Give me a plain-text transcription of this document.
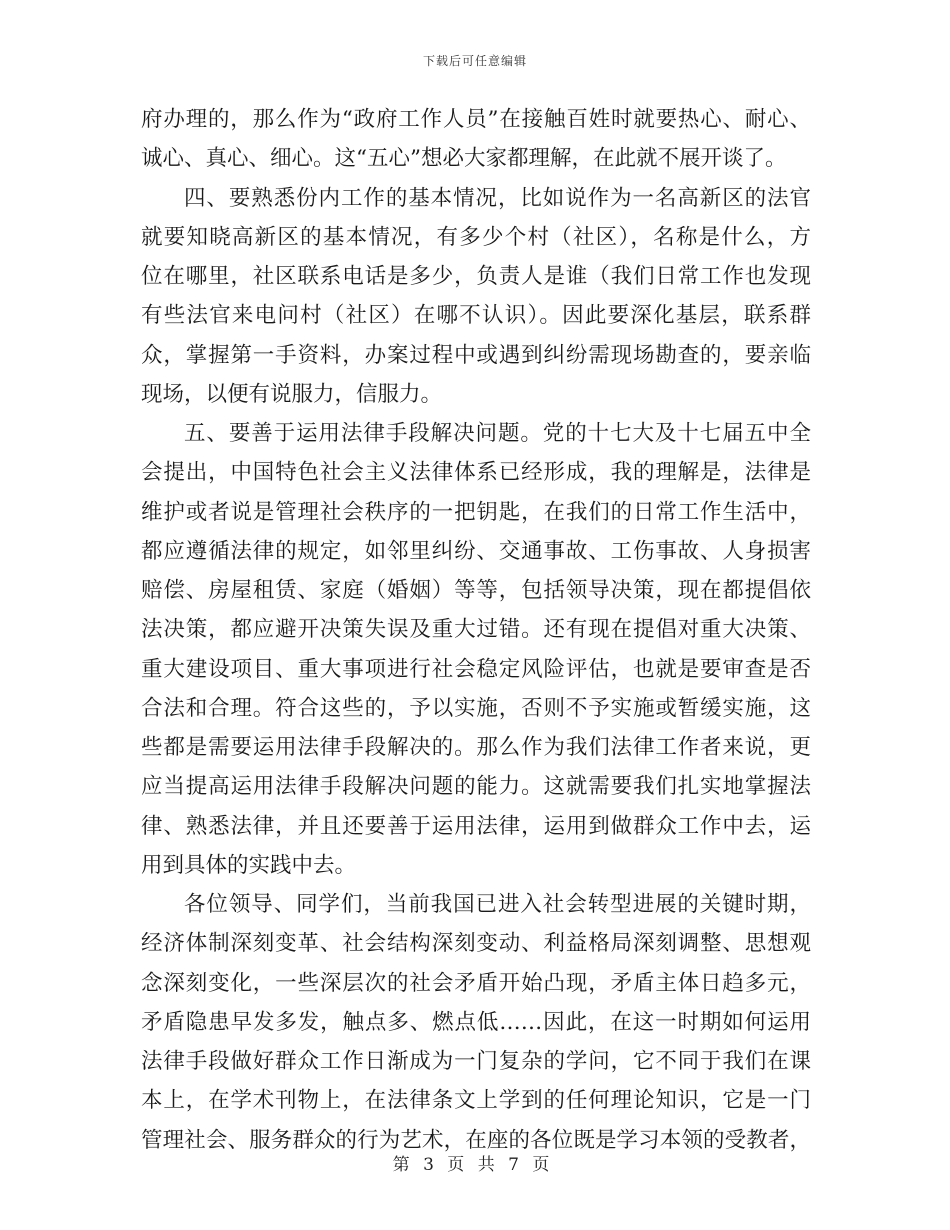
下载后可任意编辑
府办理的，那么作为“政府工作人员”在接触百姓时就要热心、耐心、
诚心、真心、细心。这“五心”想必大家都理解，在此就不展开谈了。
四、要熟悉份内工作的基本情况，比如说作为一名高新区的法官
就要知晓高新区的基本情况，有多少个村（社区），名称是什么，方
位在哪里，社区联系电话是多少，负责人是谁（我们日常工作也发现
有些法官来电问村（社区）在哪不认识）。因此要深化基层，联系群
众，掌握第一手资料，办案过程中或遇到纠纷需现场勘查的，要亲临
现场，以便有说服力，信服力。
五、要善于运用法律手段解决问题。党的十七大及十七届五中全
会提出，中国特色社会主义法律体系已经形成，我的理解是，法律是
维护或者说是管理社会秩序的一把钥匙，在我们的日常工作生活中，
都应遵循法律的规定，如邻里纠纷、交通事故、工伤事故、人身损害
赔偿、房屋租赁、家庭（婚姻）等等，包括领导决策，现在都提倡依
法决策，都应避开决策失误及重大过错。还有现在提倡对重大决策、
重大建设项目、重大事项进行社会稳定风险评估，也就是要审查是否
合法和合理。符合这些的，予以实施，否则不予实施或暂缓实施，这
些都是需要运用法律手段解决的。那么作为我们法律工作者来说，更
应当提高运用法律手段解决问题的能力。这就需要我们扎实地掌握法
律、熟悉法律，并且还要善于运用法律，运用到做群众工作中去，运
用到具体的实践中去。
各位领导、同学们，当前我国已进入社会转型进展的关键时期，
经济体制深刻变革、社会结构深刻变动、利益格局深刻调整、思想观
念深刻变化，一些深层次的社会矛盾开始凸现，矛盾主体日趋多元，
矛盾隐患早发多发，触点多、燃点低……因此，在这一时期如何运用
法律手段做好群众工作日渐成为一门复杂的学问，它不同于我们在课
本上，在学术刊物上，在法律条文上学到的任何理论知识，它是一门
管理社会、服务群众的行为艺术，在座的各位既是学习本领的受教者，
第 3 页 共 7 页
